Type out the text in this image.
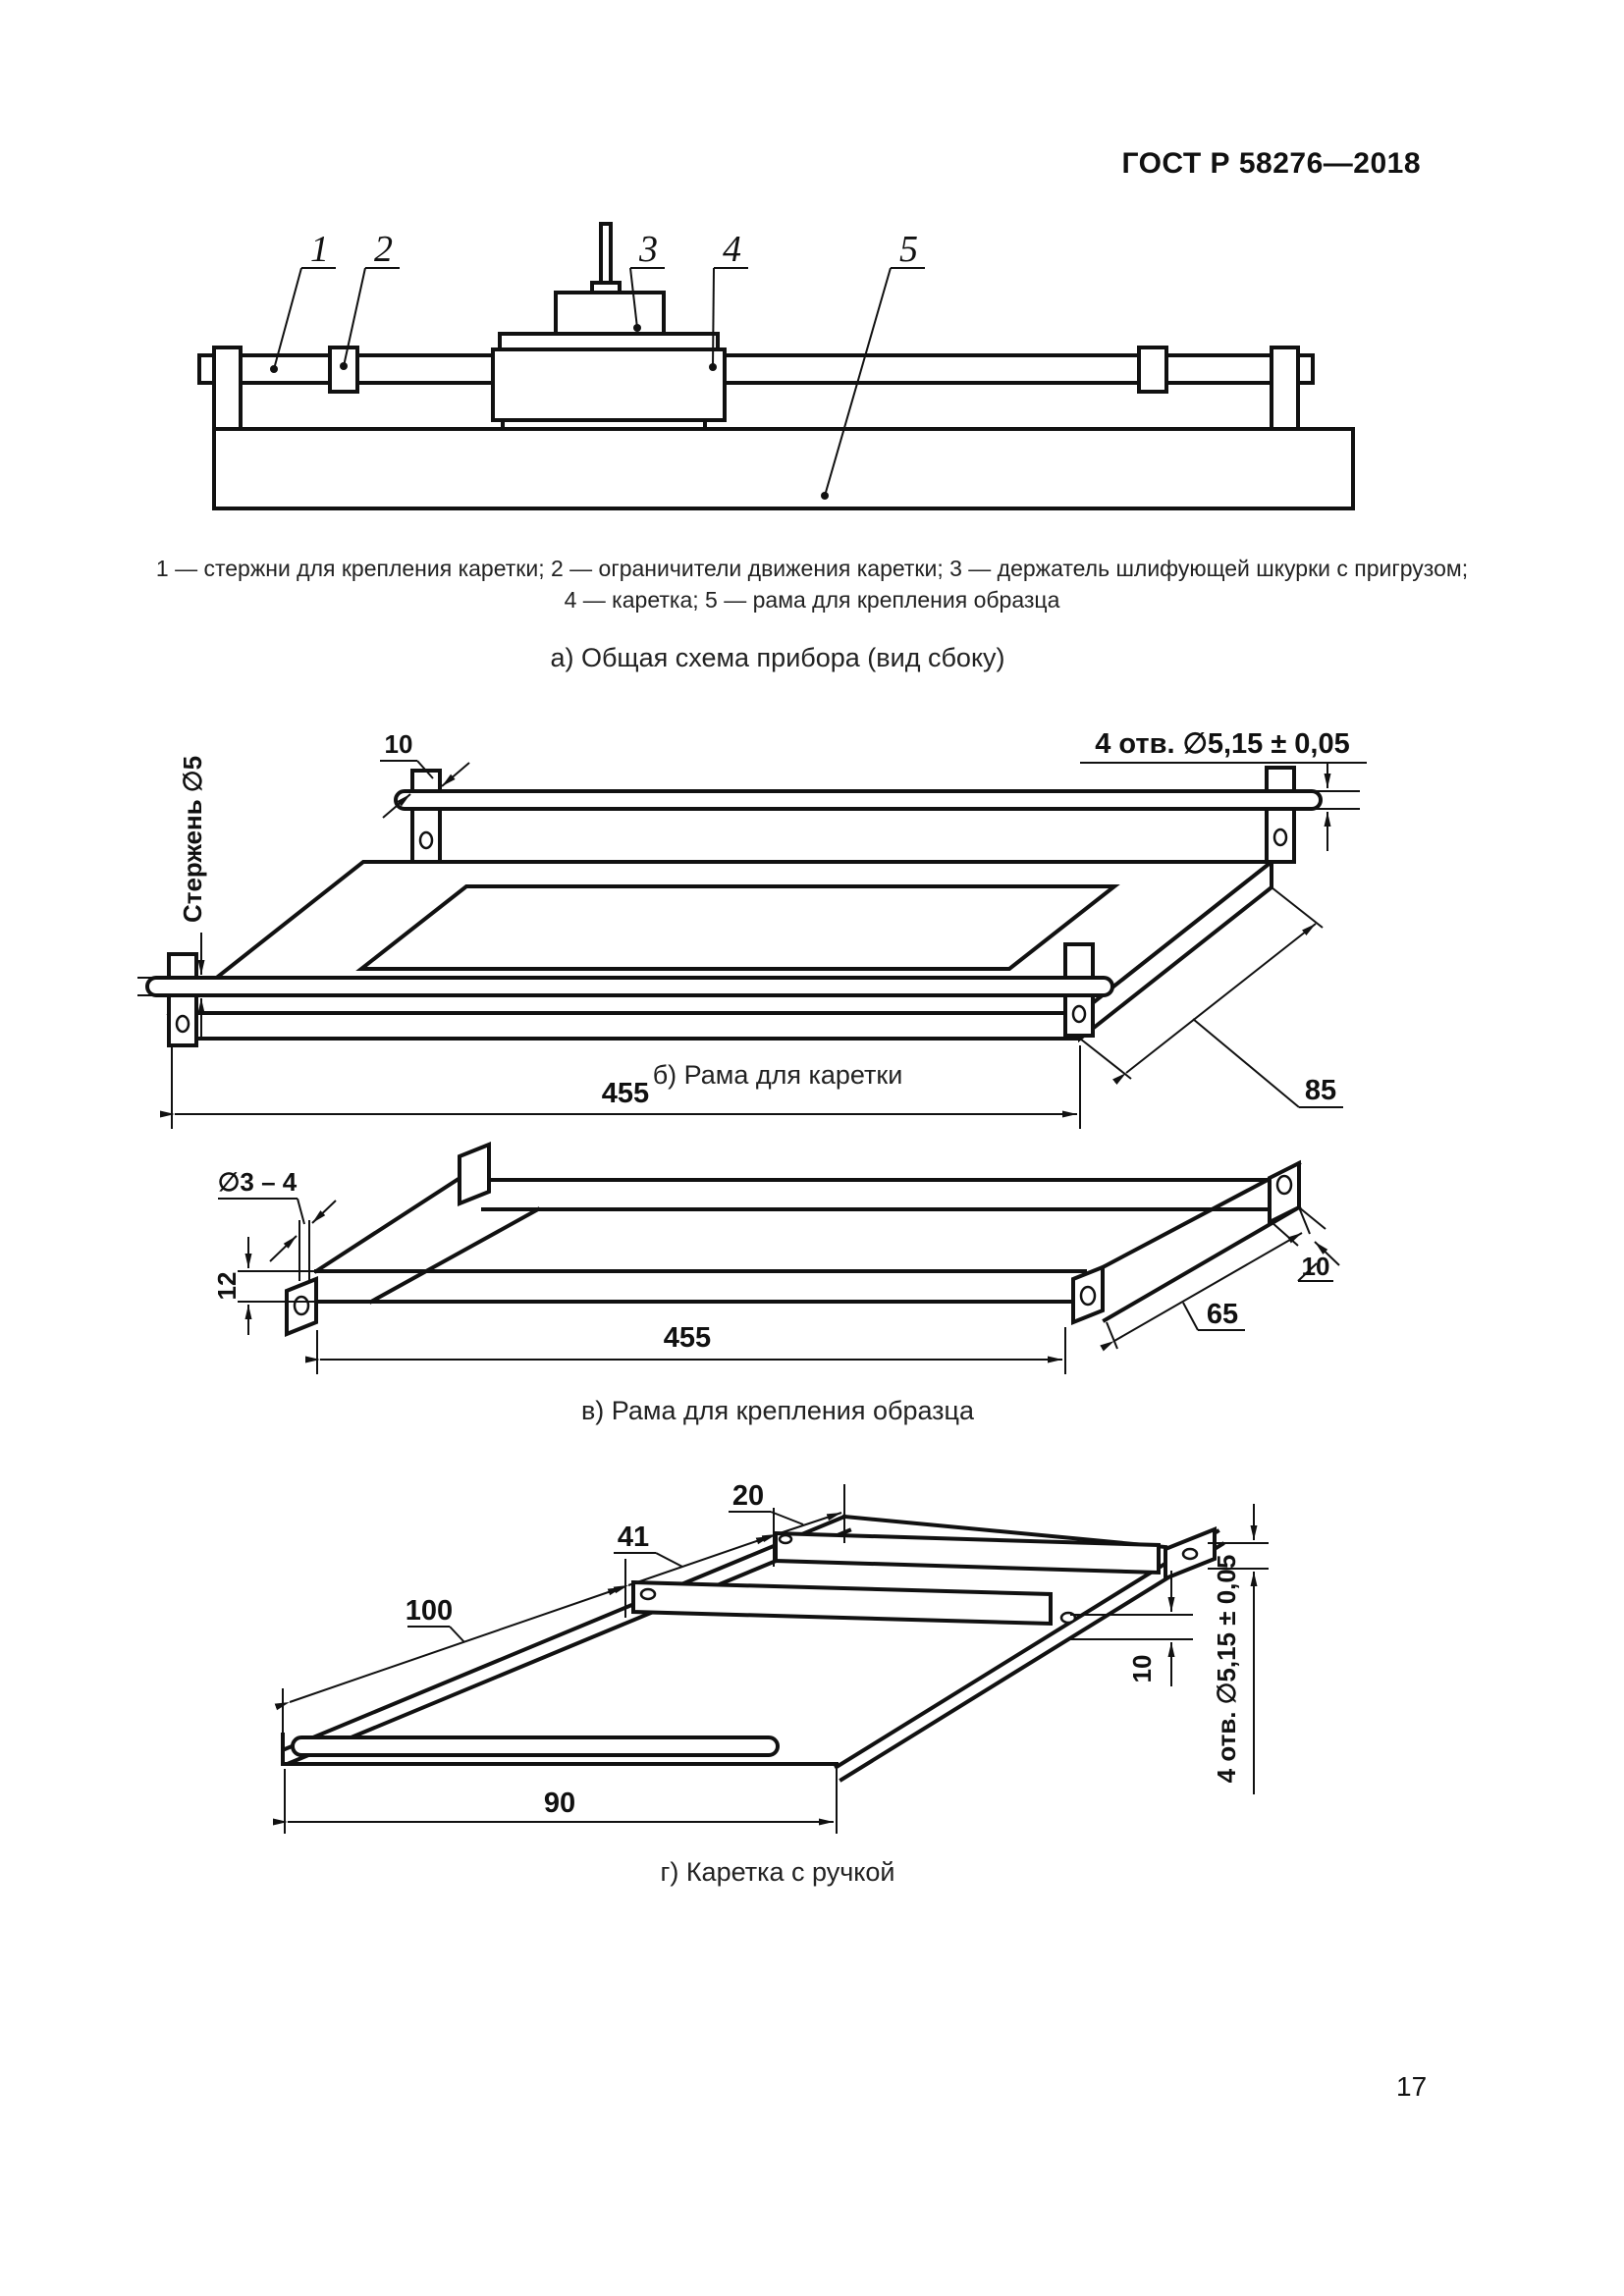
ГОСТ Р 58276—2018
1 2	3 4	5
1 — стержни для крепления каретки; 2 — ограничители движения каретки; 3 — держатель шлифующей шкурки с пригрузом;
4 — каретка; 5 — рама для крепления образца
а) Общая схема прибора (вид сбоку)
Стержень ∅5
10	4 отв. ∅5,15 ± 0,05
455	85
б) Рама для каретки
∅3 – 4
12
455
65
10
в) Рама для крепления образца
100
41
20
90
10 4 отв. ∅5,15 ± 0,05
г) Каретка с ручкой
17
